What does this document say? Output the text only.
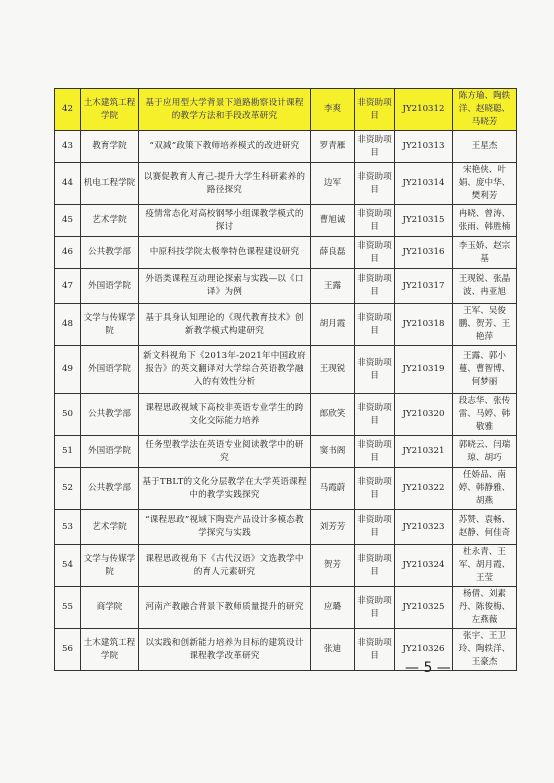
42	土木建筑工程学院	基于应用型大学背景下道路勘察设计课程的教学方法和手段改革研究	李爽	非资助项目	JY210312	陈方瑜、陶轶洋、赵晓聪、马晓芳
43	教育学院	“双减”政策下教师培养模式的改进研究	罗青雁	非资助项目	JY210313	王星杰
44	机电工程学院	以赛促教育人育己-提升大学生科研素养的路径探究	边军	非资助项目	JY210314	宋艳侠、叶娟、庞中华、樊利芳
45	艺术学院	疫情常态化对高校钢琴小组课教学模式的探讨	曹旭诚	非资助项目	JY210315	冉晓、曾涛、张雨、韩胜楠
46	公共教学部	中原科技学院太极拳特色课程建设研究	薛良磊	非资助项目	JY210316	李玉娇、赵宗基
47	外国语学院	外语类课程互动理论探索与实践—以《口译》为例	王露	非资助项目	JY210317	王现锐、张晶波、冉亚旭
48	文学与传媒学院	基于具身认知理论的《现代教育技术》创新教学模式构建研究	胡月霞	非资助项目	JY210318	王军、吴俊鹏、贺芳、王艳萍
49	外国语学院	新文科视角下《2013年-2021年中国政府报告》的英文翻译对大学综合英语教学融入的有效性分析	王现锐	非资助项目	JY210319	王露、郭小蔓、曹智博、何梦丽
50	公共教学部	课程思政视域下高校非英语专业学生的跨文化交际能力培养	郎欣笑	非资助项目	JY210320	段志华、张传雷、马婷、韩敬雅
51	外国语学院	任务型教学法在英语专业阅读教学中的研究	窦书阁	非资助项目	JY210321	郭晓云、闫瑞琼、胡巧
52	公共教学部	基于TBLT的文化分层教学在大学英语课程中的教学实践探究	马霞蔚	非资助项目	JY210322	任娇品、南婷、韩静雅、胡燕
53	艺术学院	“课程思政”视域下陶瓷产品设计多模态教学探究与实践	刘芳芳	非资助项目	JY210323	苏赞、袁畅、赵静、何佳奇
54	文学与传媒学院	课程思政视角下《古代汉语》文选教学中的育人元素研究	贺芳	非资助项目	JY210324	杜永青、王军、胡月霞、王莹
55	商学院	河南产教融合背景下教师质量提升的研究	应璐	非资助项目	JY210325	杨倩、刘素丹、陈俊梅、左燕薇
56	土木建筑工程学院	以实践和创新能力培养为目标的建筑设计课程教学改革研究	张迪	非资助项目	JY210326	张宇、王卫玲、陶轶洋、王豪杰
— 5 —
